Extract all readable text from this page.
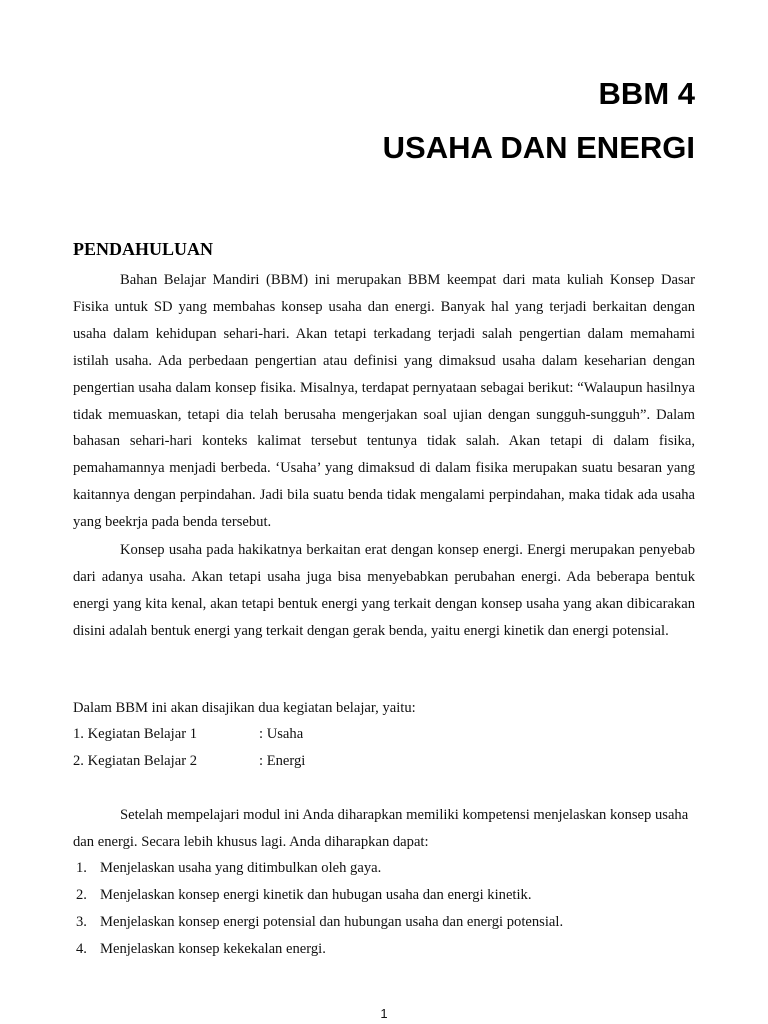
BBM 4
USAHA DAN ENERGI
PENDAHULUAN

Bahan Belajar Mandiri (BBM) ini merupakan BBM keempat dari mata kuliah Konsep Dasar Fisika untuk SD yang membahas konsep usaha dan energi. Banyak hal yang terjadi berkaitan dengan usaha dalam kehidupan sehari-hari. Akan tetapi terkadang terjadi salah pengertian dalam memahami istilah usaha. Ada perbedaan pengertian atau definisi yang dimaksud usaha dalam keseharian dengan pengertian usaha dalam konsep fisika. Misalnya, terdapat pernyataan sebagai berikut: “Walaupun hasilnya tidak memuaskan, tetapi dia telah berusaha mengerjakan soal ujian dengan sungguh-sungguh”. Dalam bahasan sehari-hari konteks kalimat tersebut tentunya tidak salah. Akan tetapi di dalam fisika, pemahamannya menjadi berbeda. ‘Usaha’ yang dimaksud di dalam fisika merupakan suatu besaran yang kaitannya dengan perpindahan. Jadi bila suatu benda tidak mengalami perpindahan, maka tidak ada usaha yang beekrja pada benda tersebut.

Konsep usaha pada hakikatnya berkaitan erat dengan konsep energi. Energi merupakan penyebab dari adanya usaha. Akan tetapi usaha juga bisa menyebabkan perubahan energi. Ada beberapa bentuk energi yang kita kenal, akan tetapi bentuk energi yang terkait dengan konsep usaha yang akan dibicarakan disini adalah bentuk energi yang terkait dengan gerak benda, yaitu energi kinetik dan energi potensial.

Dalam BBM ini akan disajikan dua kegiatan belajar, yaitu:
1. Kegiatan Belajar 1	: Usaha
2. Kegiatan Belajar 2	: Energi

Setelah mempelajari modul ini Anda diharapkan memiliki kompetensi menjelaskan konsep usaha dan energi. Secara lebih khusus lagi. Anda diharapkan dapat:

1. Menjelaskan usaha yang ditimbulkan oleh gaya.
2. Menjelaskan konsep energi kinetik dan hubugan usaha dan energi kinetik.
3. Menjelaskan konsep energi potensial dan hubungan usaha dan energi potensial.
4. Menjelaskan konsep kekekalan energi.
1
